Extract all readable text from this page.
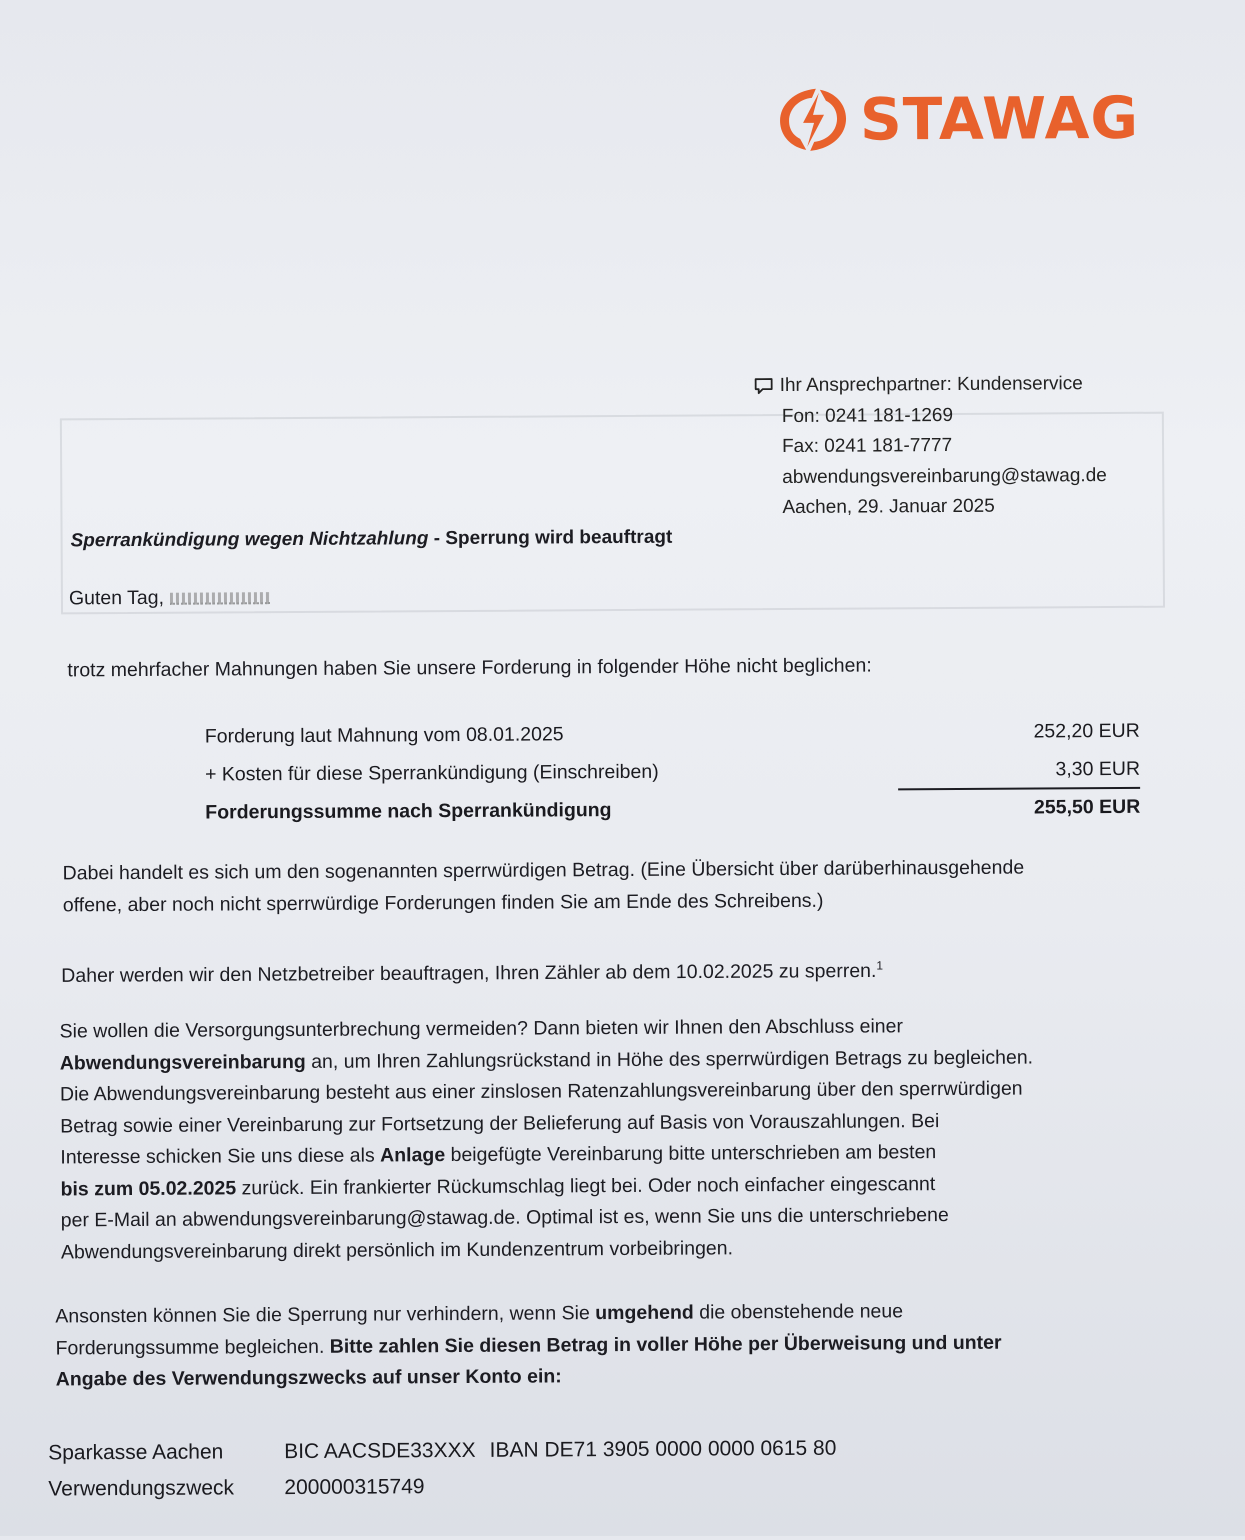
STAWAG
Ihr Ansprechpartner: Kundenservice
Fon: 0241 181-1269
Fax: 0241 181-7777
abwendungsvereinbarung@stawag.de
Aachen, 29. Januar 2025
Sperrankündigung wegen Nichtzahlung - Sperrung wird beauftragt
Guten Tag,
trotz mehrfacher Mahnungen haben Sie unsere Forderung in folgender Höhe nicht beglichen:
Forderung laut Mahnung vom 08.01.2025	252,20 EUR
+ Kosten für diese Sperrankündigung (Einschreiben)	3,30 EUR
Forderungssumme nach Sperrankündigung	255,50 EUR
Dabei handelt es sich um den sogenannten sperrwürdigen Betrag. (Eine Übersicht über darüberhinausgehende
offene, aber noch nicht sperrwürdige Forderungen finden Sie am Ende des Schreibens.)
Daher werden wir den Netzbetreiber beauftragen, Ihren Zähler ab dem 10.02.2025 zu sperren.$^1$
Sie wollen die Versorgungsunterbrechung vermeiden? Dann bieten wir Ihnen den Abschluss einer
Abwendungsvereinbarung an, um Ihren Zahlungsrückstand in Höhe des sperrwürdigen Betrags zu begleichen.
Die Abwendungsvereinbarung besteht aus einer zinslosen Ratenzahlungsvereinbarung über den sperrwürdigen
Betrag sowie einer Vereinbarung zur Fortsetzung der Belieferung auf Basis von Vorauszahlungen. Bei
Interesse schicken Sie uns diese als Anlage beigefügte Vereinbarung bitte unterschrieben am besten
bis zum 05.02.2025 zurück. Ein frankierter Rückumschlag liegt bei. Oder noch einfacher eingescannt
per E-Mail an abwendungsvereinbarung@stawag.de. Optimal ist es, wenn Sie uns die unterschriebene
Abwendungsvereinbarung direkt persönlich im Kundenzentrum vorbeibringen.
Ansonsten können Sie die Sperrung nur verhindern, wenn Sie umgehend die obenstehende neue
Forderungssumme begleichen. Bitte zahlen Sie diesen Betrag in voller Höhe per Überweisung und unter
Angabe des Verwendungszwecks auf unser Konto ein:
Sparkasse Aachen	BIC AACSDE33XXX IBAN DE71 3905 0000 0000 0615 80
Verwendungszweck	200000315749
